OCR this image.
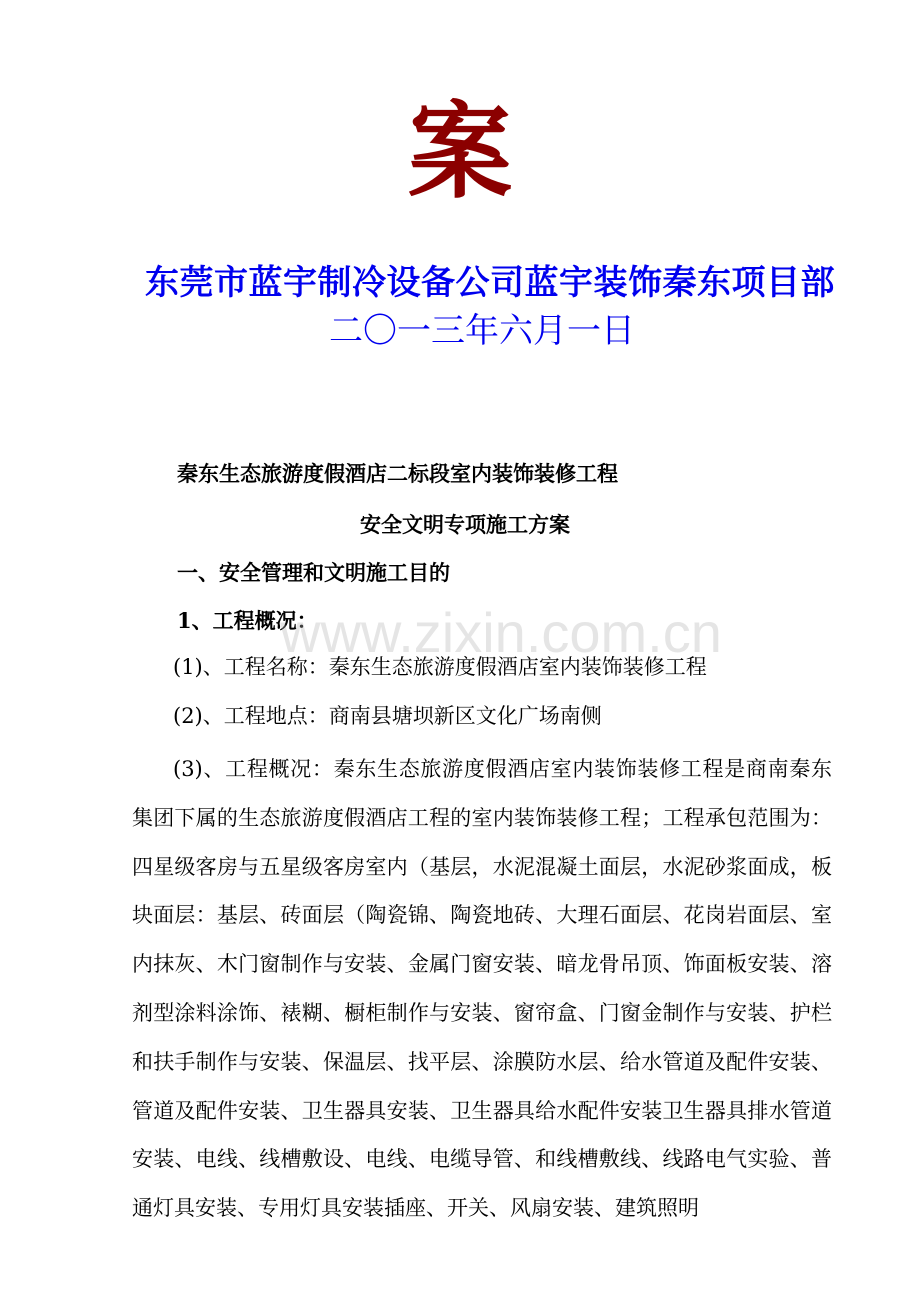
案
东莞市蓝宇制冷设备公司蓝宇装饰秦东项目部
二〇一三年六月一日
秦东生态旅游度假酒店二标段室内装饰装修工程
安全文明专项施工方案
一、安全管理和文明施工目的
1、工程概况：
(1)、工程名称：秦东生态旅游度假酒店室内装饰装修工程
(2)、工程地点：商南县塘坝新区文化广场南侧
(3)、工程概况：秦东生态旅游度假酒店室内装饰装修工程是商南秦东集团下属的生态旅游度假酒店工程的室内装饰装修工程；工程承包范围为：四星级客房与五星级客房室内（基层，水泥混凝土面层，水泥砂浆面成，板块面层：基层、砖面层（陶瓷锦、陶瓷地砖、大理石面层、花岗岩面层、室内抹灰、木门窗制作与安装、金属门窗安装、暗龙骨吊顶、饰面板安装、溶剂型涂料涂饰、裱糊、橱柜制作与安装、窗帘盒、门窗金制作与安装、护栏和扶手制作与安装、保温层、找平层、涂膜防水层、给水管道及配件安装、管道及配件安装、卫生器具安装、卫生器具给水配件安装卫生器具排水管道安装、电线、线槽敷设、电线、电缆导管、和线槽敷线、线路电气实验、普通灯具安装、专用灯具安装插座、开关、风扇安装、建筑照明
www.zixin.com.cn
